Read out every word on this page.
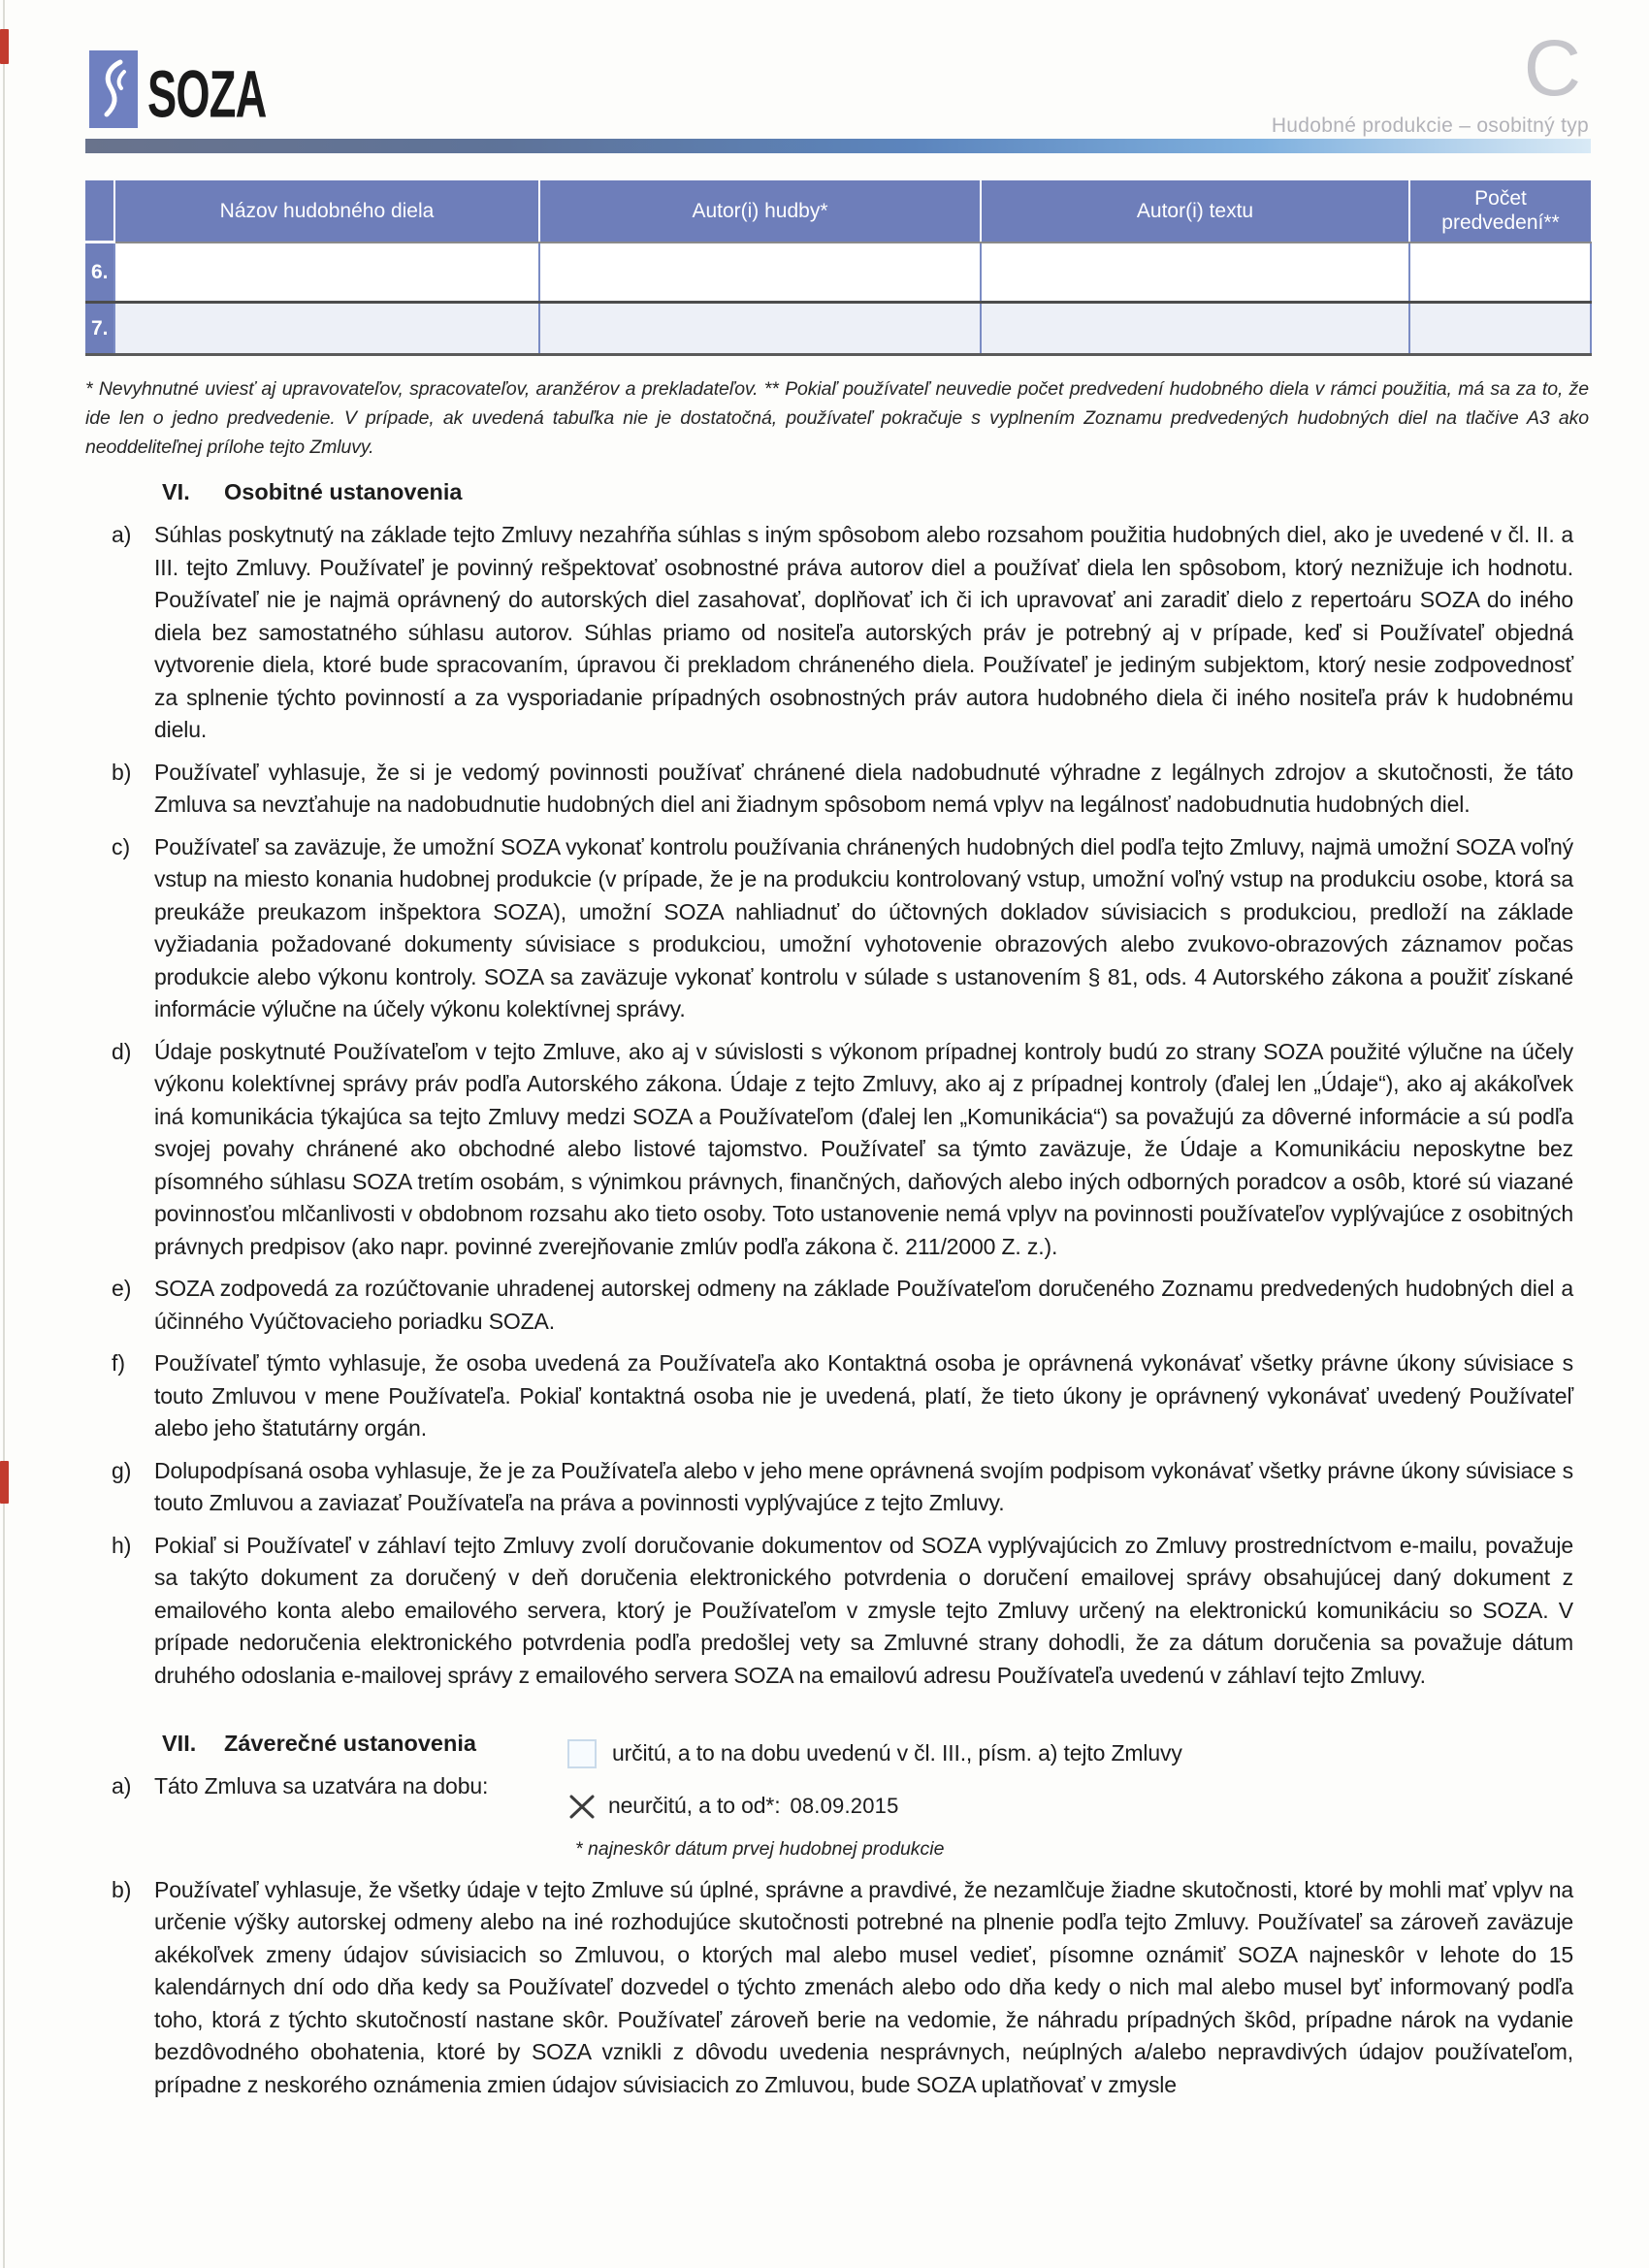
SOZA	C
Hudobné produkcie – osobitný typ
	Názov hudobného diela	Autor(i) hudby*	Autor(i) textu	Počet predvedení**
6.				
7.				
* Nevyhnutné uviesť aj upravovateľov, spracovateľov, aranžérov a prekladateľov. ** Pokiaľ používateľ neuvedie počet predvedení hudobného diela v rámci použitia, má sa za to, že ide len o jedno predvedenie. V prípade, ak uvedená tabuľka nie je dostatočná, používateľ pokračuje s vyplnením Zoznamu predvedených hudobných diel na tlačive A3 ako neoddeliteľnej prílohe tejto Zmluvy.
VI.	Osobitné ustanovenia
a)	Súhlas poskytnutý na základe tejto Zmluvy nezahŕňa súhlas s iným spôsobom alebo rozsahom použitia hudobných diel, ako je uvedené v čl. II. a III. tejto Zmluvy. Používateľ je povinný rešpektovať osobnostné práva autorov diel a používať diela len spôsobom, ktorý neznižuje ich hodnotu. Používateľ nie je najmä oprávnený do autorských diel zasahovať, doplňovať ich či ich upravovať ani zaradiť dielo z repertoáru SOZA do iného diela bez samostatného súhlasu autorov. Súhlas priamo od nositeľa autorských práv je potrebný aj v prípade, keď si Používateľ objedná vytvorenie diela, ktoré bude spracovaním, úpravou či prekladom chráneného diela. Používateľ je jediným subjektom, ktorý nesie zodpovednosť za splnenie týchto povinností a za vysporiadanie prípadných osobnostných práv autora hudobného diela či iného nositeľa práv k hudobnému dielu.
b)	Používateľ vyhlasuje, že si je vedomý povinnosti používať chránené diela nadobudnuté výhradne z legálnych zdrojov a skutočnosti, že táto Zmluva sa nevzťahuje na nadobudnutie hudobných diel ani žiadnym spôsobom nemá vplyv na legálnosť nadobudnutia hudobných diel.
c)	Používateľ sa zaväzuje, že umožní SOZA vykonať kontrolu používania chránených hudobných diel podľa tejto Zmluvy, najmä umožní SOZA voľný vstup na miesto konania hudobnej produkcie (v prípade, že je na produkciu kontrolovaný vstup, umožní voľný vstup na produkciu osobe, ktorá sa preukáže preukazom inšpektora SOZA), umožní SOZA nahliadnuť do účtovných dokladov súvisiacich s produkciou, predloží na základe vyžiadania požadované dokumenty súvisiace s produkciou, umožní vyhotovenie obrazových alebo zvukovo-obrazových záznamov počas produkcie alebo výkonu kontroly. SOZA sa zaväzuje vykonať kontrolu v súlade s ustanovením § 81, ods. 4 Autorského zákona a použiť získané informácie výlučne na účely výkonu kolektívnej správy.
d)	Údaje poskytnuté Používateľom v tejto Zmluve, ako aj v súvislosti s výkonom prípadnej kontroly budú zo strany SOZA použité výlučne na účely výkonu kolektívnej správy práv podľa Autorského zákona. Údaje z tejto Zmluvy, ako aj z prípadnej kontroly (ďalej len „Údaje“), ako aj akákoľvek iná komunikácia týkajúca sa tejto Zmluvy medzi SOZA a Používateľom (ďalej len „Komunikácia“) sa považujú za dôverné informácie a sú podľa svojej povahy chránené ako obchodné alebo listové tajomstvo. Používateľ sa týmto zaväzuje, že Údaje a Komunikáciu neposkytne bez písomného súhlasu SOZA tretím osobám, s výnimkou právnych, finančných, daňových alebo iných odborných poradcov a osôb, ktoré sú viazané povinnosťou mlčanlivosti v obdobnom rozsahu ako tieto osoby. Toto ustanovenie nemá vplyv na povinnosti používateľov vyplývajúce z osobitných právnych predpisov (ako napr. povinné zverejňovanie zmlúv podľa zákona č. 211/2000 Z. z.).
e)	SOZA zodpovedá za rozúčtovanie uhradenej autorskej odmeny na základe Používateľom doručeného Zoznamu predvedených hudobných diel a účinného Vyúčtovacieho poriadku SOZA.
f)	Používateľ týmto vyhlasuje, že osoba uvedená za Používateľa ako Kontaktná osoba je oprávnená vykonávať všetky právne úkony súvisiace s touto Zmluvou v mene Používateľa. Pokiaľ kontaktná osoba nie je uvedená, platí, že tieto úkony je oprávnený vykonávať uvedený Používateľ alebo jeho štatutárny orgán.
g)	Dolupodpísaná osoba vyhlasuje, že je za Používateľa alebo v jeho mene oprávnená svojím podpisom vykonávať všetky právne úkony súvisiace s touto Zmluvou a zaviazať Používateľa na práva a povinnosti vyplývajúce z tejto Zmluvy.
h)	Pokiaľ si Používateľ v záhlaví tejto Zmluvy zvolí doručovanie dokumentov od SOZA vyplývajúcich zo Zmluvy prostredníctvom e-mailu, považuje sa takýto dokument za doručený v deň doručenia elektronického potvrdenia o doručení emailovej správy obsahujúcej daný dokument z emailového konta alebo emailového servera, ktorý je Používateľom v zmysle tejto Zmluvy určený na elektronickú komunikáciu so SOZA. V prípade nedoručenia elektronického potvrdenia podľa predošlej vety sa Zmluvné strany dohodli, že za dátum doručenia sa považuje dátum druhého odoslania e-mailovej správy z emailového servera SOZA na emailovú adresu Používateľa uvedenú v záhlaví tejto Zmluvy.
VII.	Záverečné ustanovenia
a)	Táto Zmluva sa uzatvára na dobu:
určitú, a to na dobu uvedenú v čl. III., písm. a) tejto Zmluvy
neurčitú, a to od*: 08.09.2015
* najneskôr dátum prvej hudobnej produkcie
b)	Používateľ vyhlasuje, že všetky údaje v tejto Zmluve sú úplné, správne a pravdivé, že nezamlčuje žiadne skutočnosti, ktoré by mohli mať vplyv na určenie výšky autorskej odmeny alebo na iné rozhodujúce skutočnosti potrebné na plnenie podľa tejto Zmluvy. Používateľ sa zároveň zaväzuje akékoľvek zmeny údajov súvisiacich so Zmluvou, o ktorých mal alebo musel vedieť, písomne oznámiť SOZA najneskôr v lehote do 15 kalendárnych dní odo dňa kedy sa Používateľ dozvedel o týchto zmenách alebo odo dňa kedy o nich mal alebo musel byť informovaný podľa toho, ktorá z týchto skutočností nastane skôr. Používateľ zároveň berie na vedomie, že náhradu prípadných škôd, prípadne nárok na vydanie bezdôvodného obohatenia, ktoré by SOZA vznikli z dôvodu uvedenia nesprávnych, neúplných a/alebo nepravdivých údajov používateľom, prípadne z neskorého oznámenia zmien údajov súvisiacich zo Zmluvou, bude SOZA uplatňovať v zmysle
